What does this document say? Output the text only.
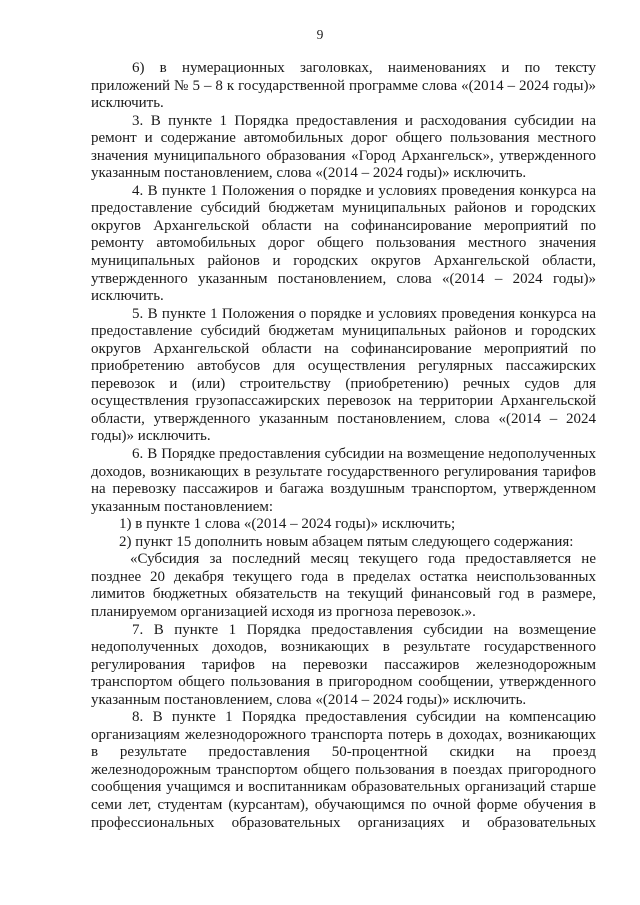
9

6) в нумерационных заголовках, наименованиях и по тексту приложений № 5 – 8 к государственной программе слова «(2014 – 2024 годы)» исключить.

3. В пункте 1 Порядка предоставления и расходования субсидии на ремонт и содержание автомобильных дорог общего пользования местного значения муниципального образования «Город Архангельск», утвержденного указанным постановлением, слова «(2014 – 2024 годы)» исключить.

4. В пункте 1 Положения о порядке и условиях проведения конкурса на предоставление субсидий бюджетам муниципальных районов и городских округов Архангельской области на софинансирование мероприятий по ремонту автомобильных дорог общего пользования местного значения муниципальных районов и городских округов Архангельской области, утвержденного указанным постановлением, слова «(2014 – 2024 годы)» исключить.

5. В пункте 1 Положения о порядке и условиях проведения конкурса на предоставление субсидий бюджетам муниципальных районов и городских округов Архангельской области на софинансирование мероприятий по приобретению автобусов для осуществления регулярных пассажирских перевозок и (или) строительству (приобретению) речных судов для осуществления грузопассажирских перевозок на территории Архангельской области, утвержденного указанным постановлением, слова «(2014 – 2024 годы)» исключить.

6. В Порядке предоставления субсидии на возмещение недополученных доходов, возникающих в результате государственного регулирования тарифов на перевозку пассажиров и багажа воздушным транспортом, утвержденном указанным постановлением:

1) в пункте 1 слова «(2014 – 2024 годы)» исключить;

2) пункт 15 дополнить новым абзацем пятым следующего содержания:

«Субсидия за последний месяц текущего года предоставляется не позднее 20 декабря текущего года в пределах остатка неиспользованных лимитов бюджетных обязательств на текущий финансовый год в размере, планируемом организацией исходя из прогноза перевозок.».

7. В пункте 1 Порядка предоставления субсидии на возмещение недополученных доходов, возникающих в результате государственного регулирования тарифов на перевозки пассажиров железнодорожным транспортом общего пользования в пригородном сообщении, утвержденного указанным постановлением, слова «(2014 – 2024 годы)» исключить.

8. В пункте 1 Порядка предоставления субсидии на компенсацию организациям железнодорожного транспорта потерь в доходах, возникающих в результате предоставления 50-процентной скидки на проезд железнодорожным транспортом общего пользования в поездах пригородного сообщения учащимся и воспитанникам образовательных организаций старше семи лет, студентам (курсантам), обучающимся по очной форме обучения в профессиональных образовательных организациях и образовательных
